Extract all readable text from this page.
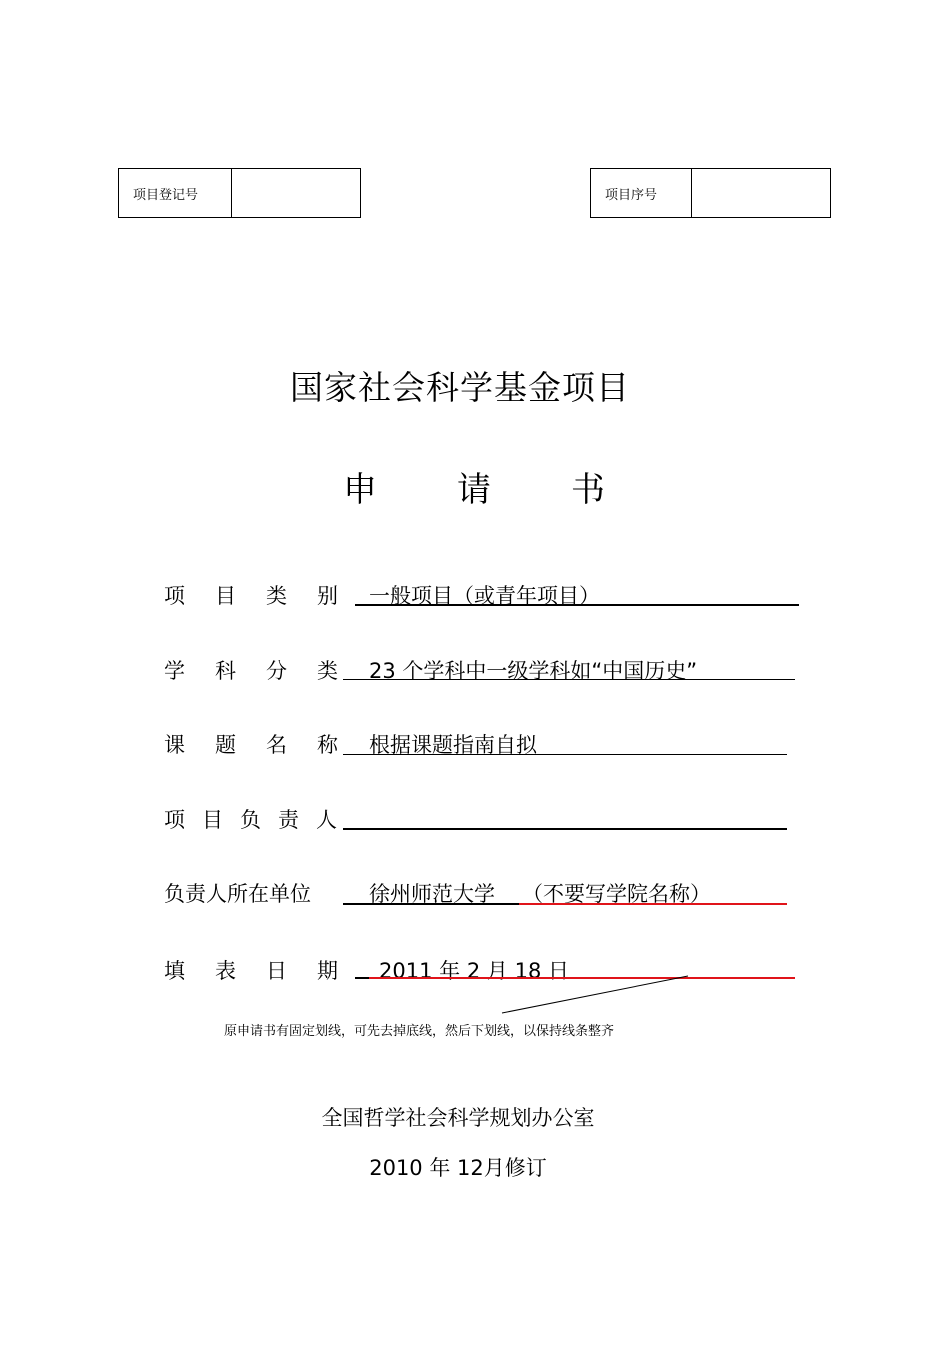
项目登记号	项目序号
国家社会科学基金项目
申 请 书
项 目 类 别 一般项目（或青年项目）
学 科 分 类 23 个学科中一级学科如“中国历史”
课 题 名 称 根据课题指南自拟
项 目 负 责 人
负责人所在单位	徐州师范大学 （不要写学院名称）
填 表 日 期 2011 年 2 月 18 日
原申请书有固定划线，可先去掉底线，然后下划线，以保持线条整齐
全国哲学社会科学规划办公室
2010 年 12月修订
